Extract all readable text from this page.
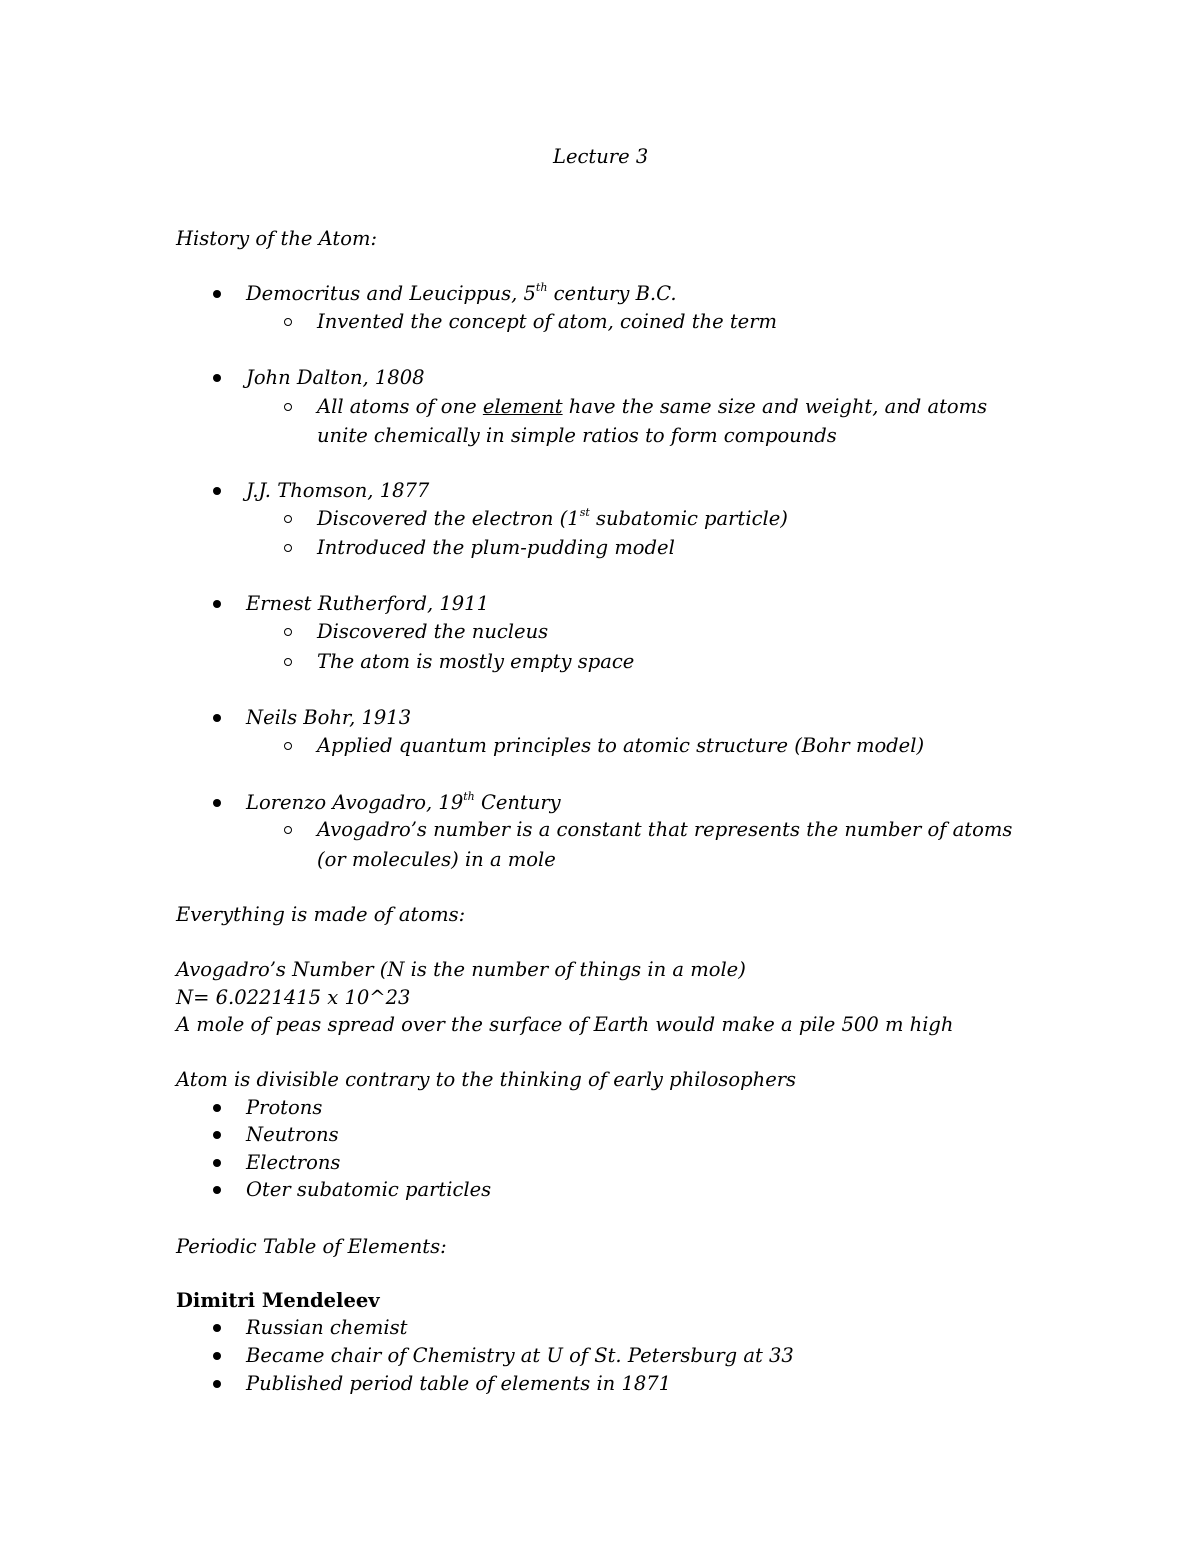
Lecture 3
History of the Atom:
Democritus and Leucippus, 5th century B.C.
Invented the concept of atom, coined the term
John Dalton, 1808
All atoms of one element have the same size and weight, and atoms
unite chemically in simple ratios to form compounds
J.J. Thomson, 1877
Discovered the electron (1st subatomic particle)
Introduced the plum-pudding model
Ernest Rutherford, 1911
Discovered the nucleus
The atom is mostly empty space
Neils Bohr, 1913
Applied quantum principles to atomic structure (Bohr model)
Lorenzo Avogadro, 19th Century
Avogadro’s number is a constant that represents the number of atoms
(or molecules) in a mole
Everything is made of atoms:
Avogadro’s Number (N is the number of things in a mole)
N= 6.0221415 x 10^23
A mole of peas spread over the surface of Earth would make a pile 500 m high
Atom is divisible contrary to the thinking of early philosophers
Protons
Neutrons
Electrons
Oter subatomic particles
Periodic Table of Elements:
Dimitri Mendeleev
Russian chemist
Became chair of Chemistry at U of St. Petersburg at 33
Published period table of elements in 1871
